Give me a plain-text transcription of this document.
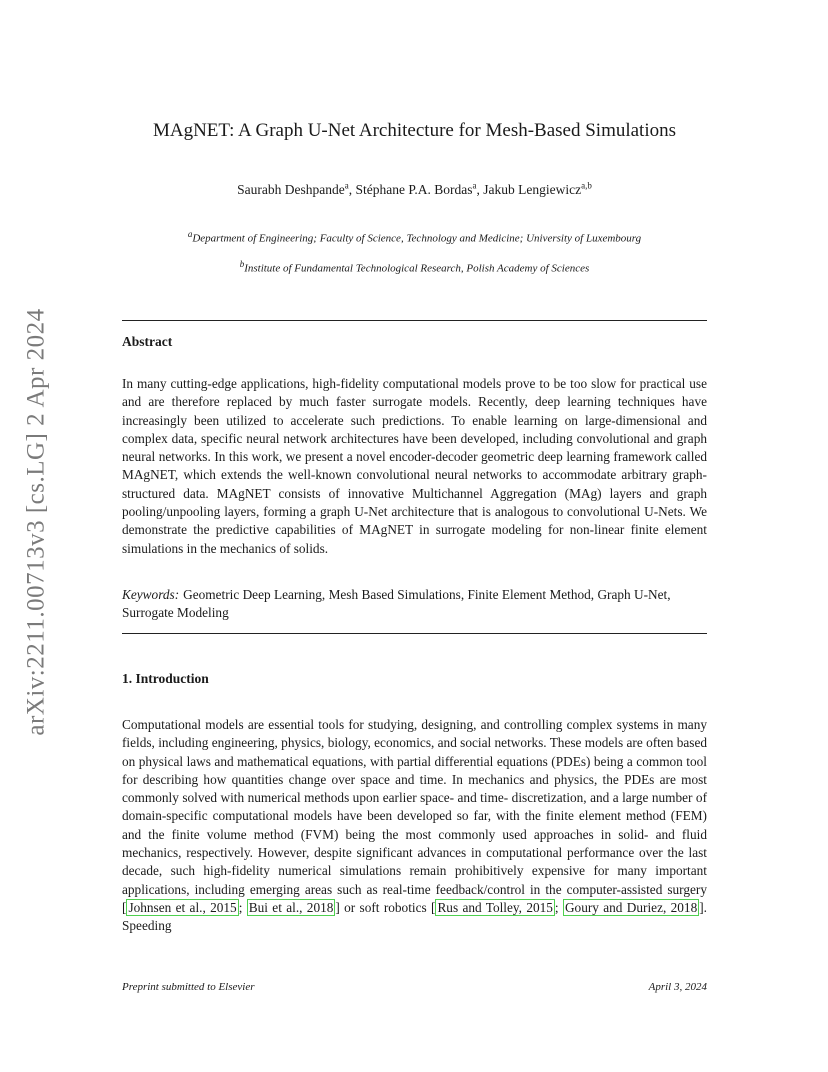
arXiv:2211.00713v3 [cs.LG] 2 Apr 2024
MAgNET: A Graph U-Net Architecture for Mesh-Based Simulations
Saurabh Deshpande$^a$, Stéphane P.A. Bordas$^a$, Jakub Lengiewicz$^{a,b}$
$^a$Department of Engineering; Faculty of Science, Technology and Medicine; University of Luxembourg
$^b$Institute of Fundamental Technological Research, Polish Academy of Sciences
Abstract

In many cutting-edge applications, high-fidelity computational models prove to be too slow for practical use and are therefore replaced by much faster surrogate models. Recently, deep learning techniques have increasingly been utilized to accelerate such predictions. To enable learning on large-dimensional and complex data, specific neural network architectures have been developed, including convolutional and graph neural networks. In this work, we present a novel encoder-decoder geometric deep learning framework called MAgNET, which extends the well-known convolutional neural networks to accommodate arbitrary graph-structured data. MAgNET consists of innovative Multichannel Aggregation (MAg) layers and graph pooling/unpooling layers, forming a graph U-Net architecture that is analogous to convolutional U-Nets. We demonstrate the predictive capabilities of MAgNET in surrogate modeling for non-linear finite element simulations in the mechanics of solids.

Keywords: Geometric Deep Learning, Mesh Based Simulations, Finite Element Method, Graph U-Net, Surrogate Modeling
1. Introduction

Computational models are essential tools for studying, designing, and controlling complex systems in many fields, including engineering, physics, biology, economics, and social networks. These models are often based on physical laws and mathematical equations, with partial differential equations (PDEs) being a common tool for describing how quantities change over space and time. In mechanics and physics, the PDEs are most commonly solved with numerical methods upon earlier space- and time- discretization, and a large number of domain-specific computational models have been developed so far, with the finite element method (FEM) and the finite volume method (FVM) being the most commonly used approaches in solid- and fluid mechanics, respectively. However, despite significant advances in computational performance over the last decade, such high-fidelity numerical simulations remain prohibitively expensive for many important applications, including emerging areas such as real-time feedback/control in the computer-assisted surgery [ Johnsen et al., 2015 ; Bui et al., 2018 ] or soft robotics [ Rus and Tolley, 2015 ; Goury and Duriez, 2018 ]. Speeding

Preprint submitted to Elsevier	April 3, 2024
